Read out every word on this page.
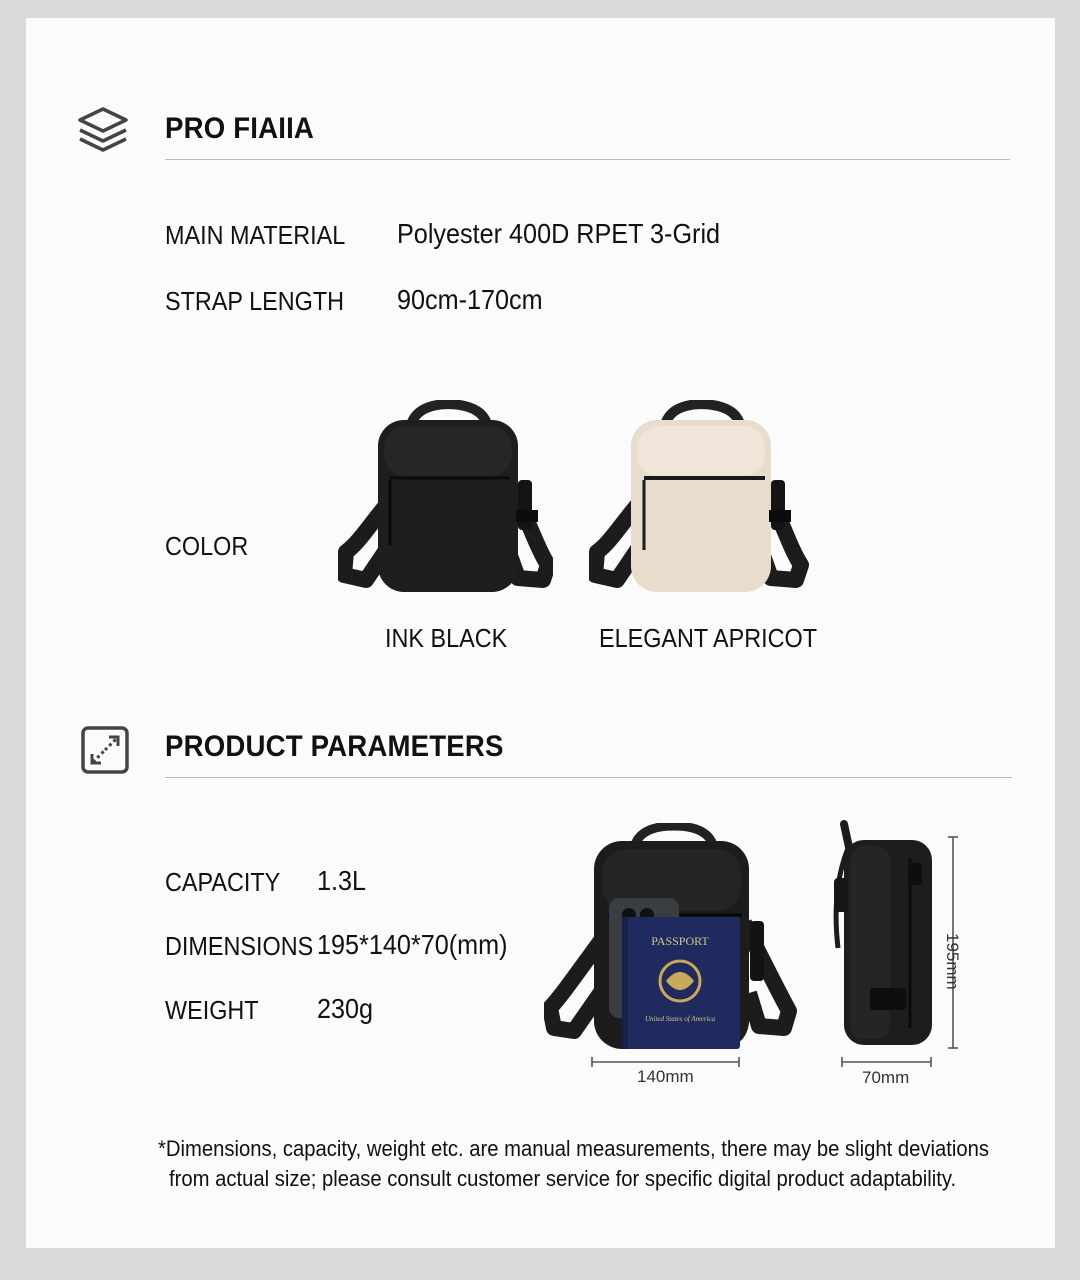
PRO FIAIIA
MAIN MATERIAL Polyester 400D RPET 3-Grid
STRAP LENGTH 90cm-170cm
COLOR
INK BLACK	ELEGANT APRICOT
PRODUCT PARAMETERS
CAPACITY 1.3L
DIMENSIONS 195*140*70(mm)
WEIGHT 230g
PASSPORT
United States of America
140mm	70mm
195mm
*Dimensions, capacity, weight etc. are manual measurements, there may be slight deviations
from actual size; please consult customer service for specific digital product adaptability.
